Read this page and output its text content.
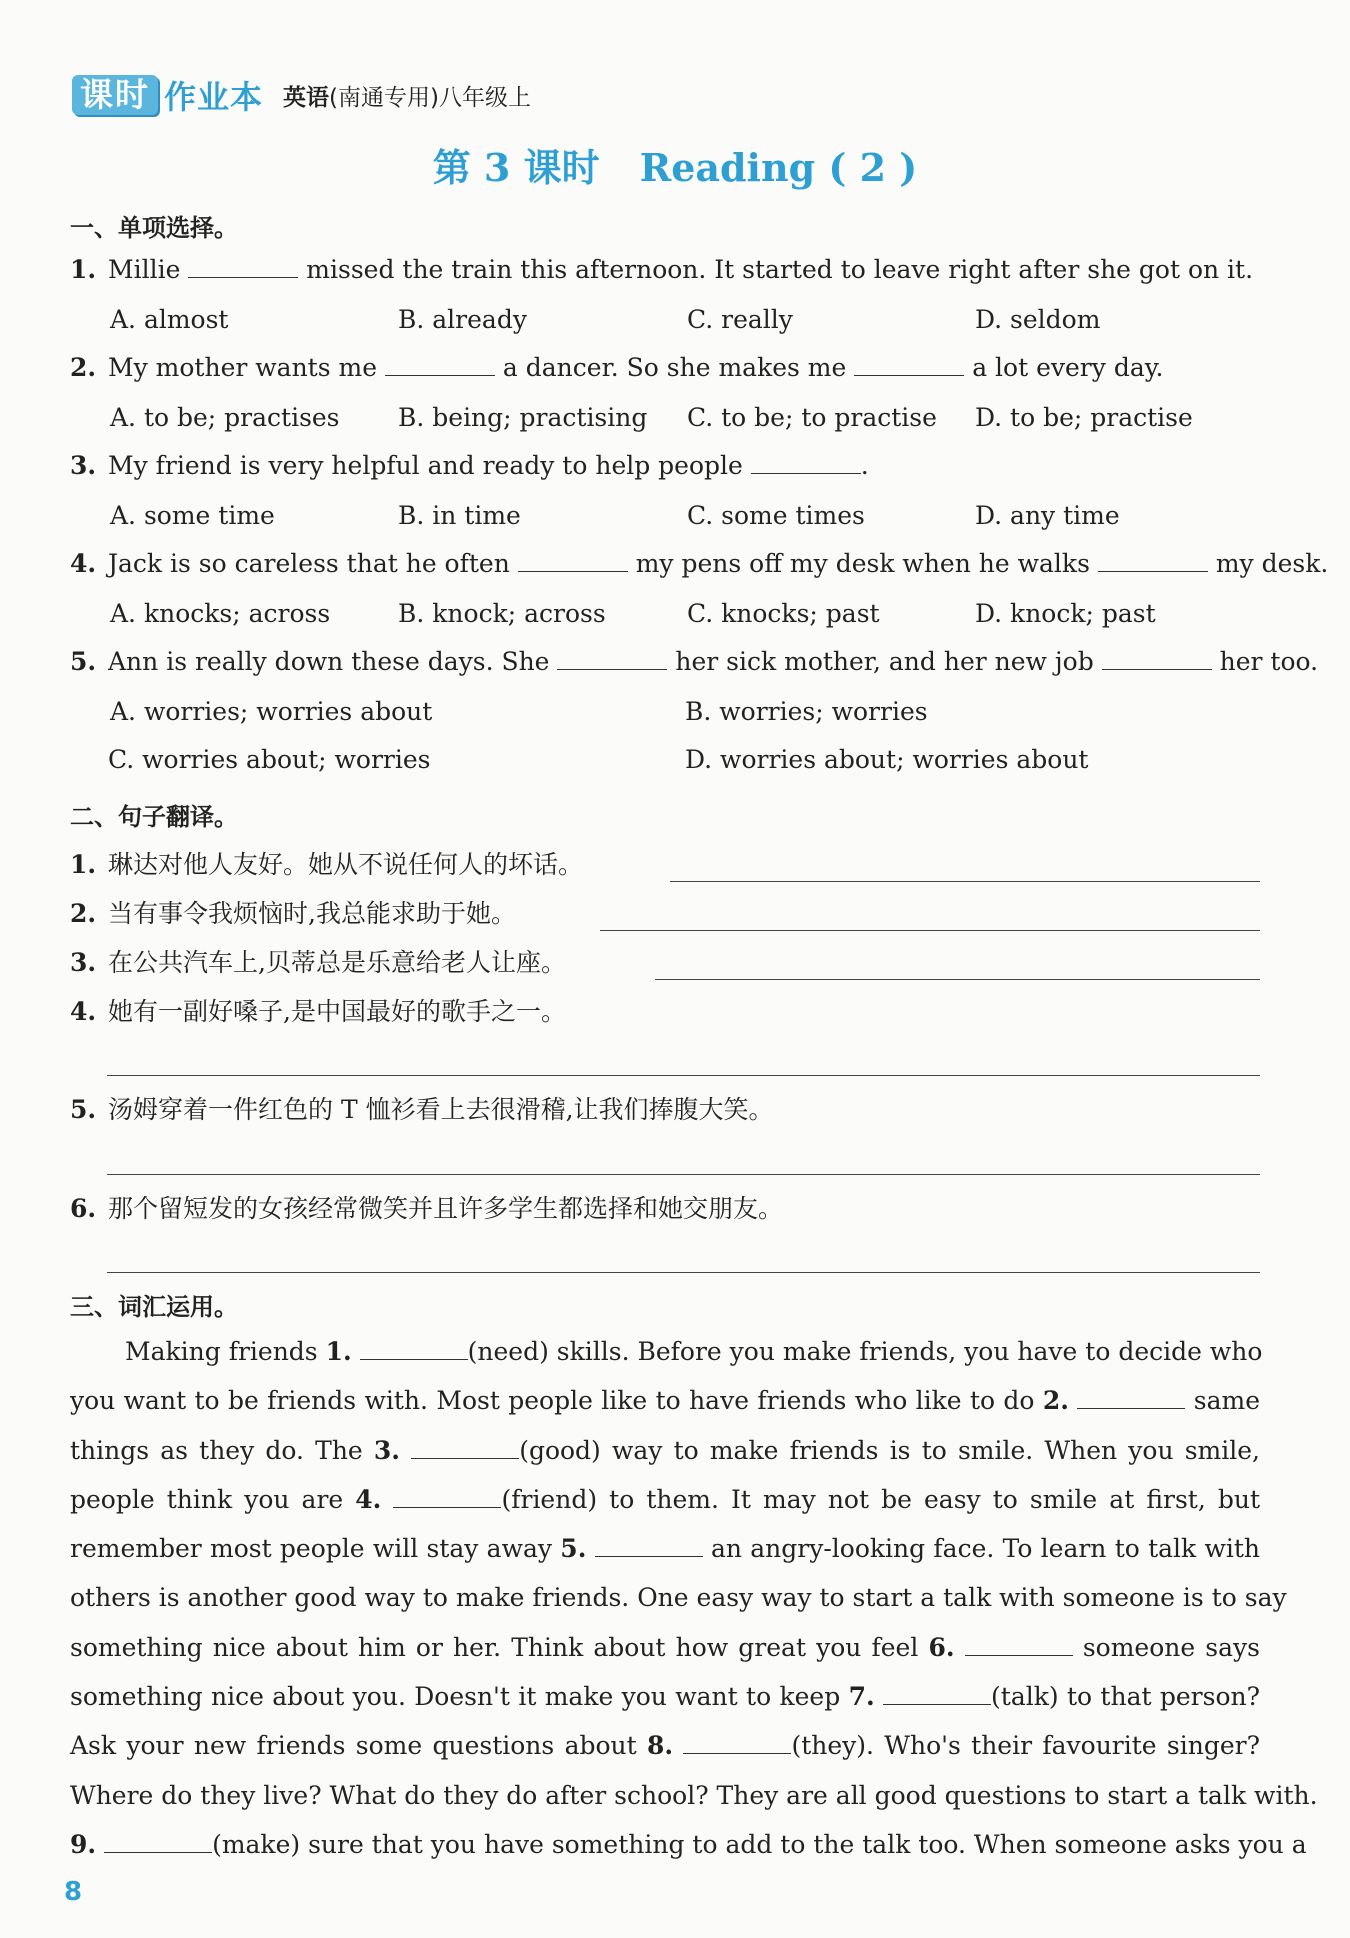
课时 作业本 英语(南通专用)八年级上
第 3 课时 Reading ( 2 )
一、单项选择。
1. Millie	missed the train this afternoon. It started to leave right after she got on it.
A. almost	B. already	C. really	D. seldom
2. My mother wants me	a dancer. So she makes me	a lot every day.
A. to be; practises B. being; practising C. to be; to practise D. to be; practise
3. My friend is very helpful and ready to help people	.
A. some time	B. in time	C. some times	D. any time
4. Jack is so careless that he often	my pens off my desk when he walks	my desk.
A. knocks; across	B. knock; across	C. knocks; past	D. knock; past
5. Ann is really down these days. She	her sick mother, and her new job	her too.
A. worries; worries about	B. worries; worries
C. worries about; worries	D. worries about; worries about
二、句子翻译。
1. 琳达对他人友好。她从不说任何人的坏话。
2. 当有事令我烦恼时,我总能求助于她。
3. 在公共汽车上,贝蒂总是乐意给老人让座。
4. 她有一副好嗓子,是中国最好的歌手之一。
5. 汤姆穿着一件红色的 T 恤衫看上去很滑稽,让我们捧腹大笑。
6. 那个留短发的女孩经常微笑并且许多学生都选择和她交朋友。
三、词汇运用。
Making friends 1.	(need) skills. Before you make friends, you have to decide who
you want to be friends with. Most people like to have friends who like to do 2.	same
things as they do. The 3.	(good) way to make friends is to smile. When you smile,
people think you are 4.	(friend) to them. It may not be easy to smile at first, but
remember most people will stay away 5.	an angry-looking face. To learn to talk with
others is another good way to make friends. One easy way to start a talk with someone is to say
something nice about him or her. Think about how great you feel 6.	someone says
something nice about you. Doesn't it make you want to keep 7.	(talk) to that person?
Ask your new friends some questions about 8.	(they). Who's their favourite singer?
Where do they live? What do they do after school? They are all good questions to start a talk with.
9.	(make) sure that you have something to add to the talk too. When someone asks you a
8
